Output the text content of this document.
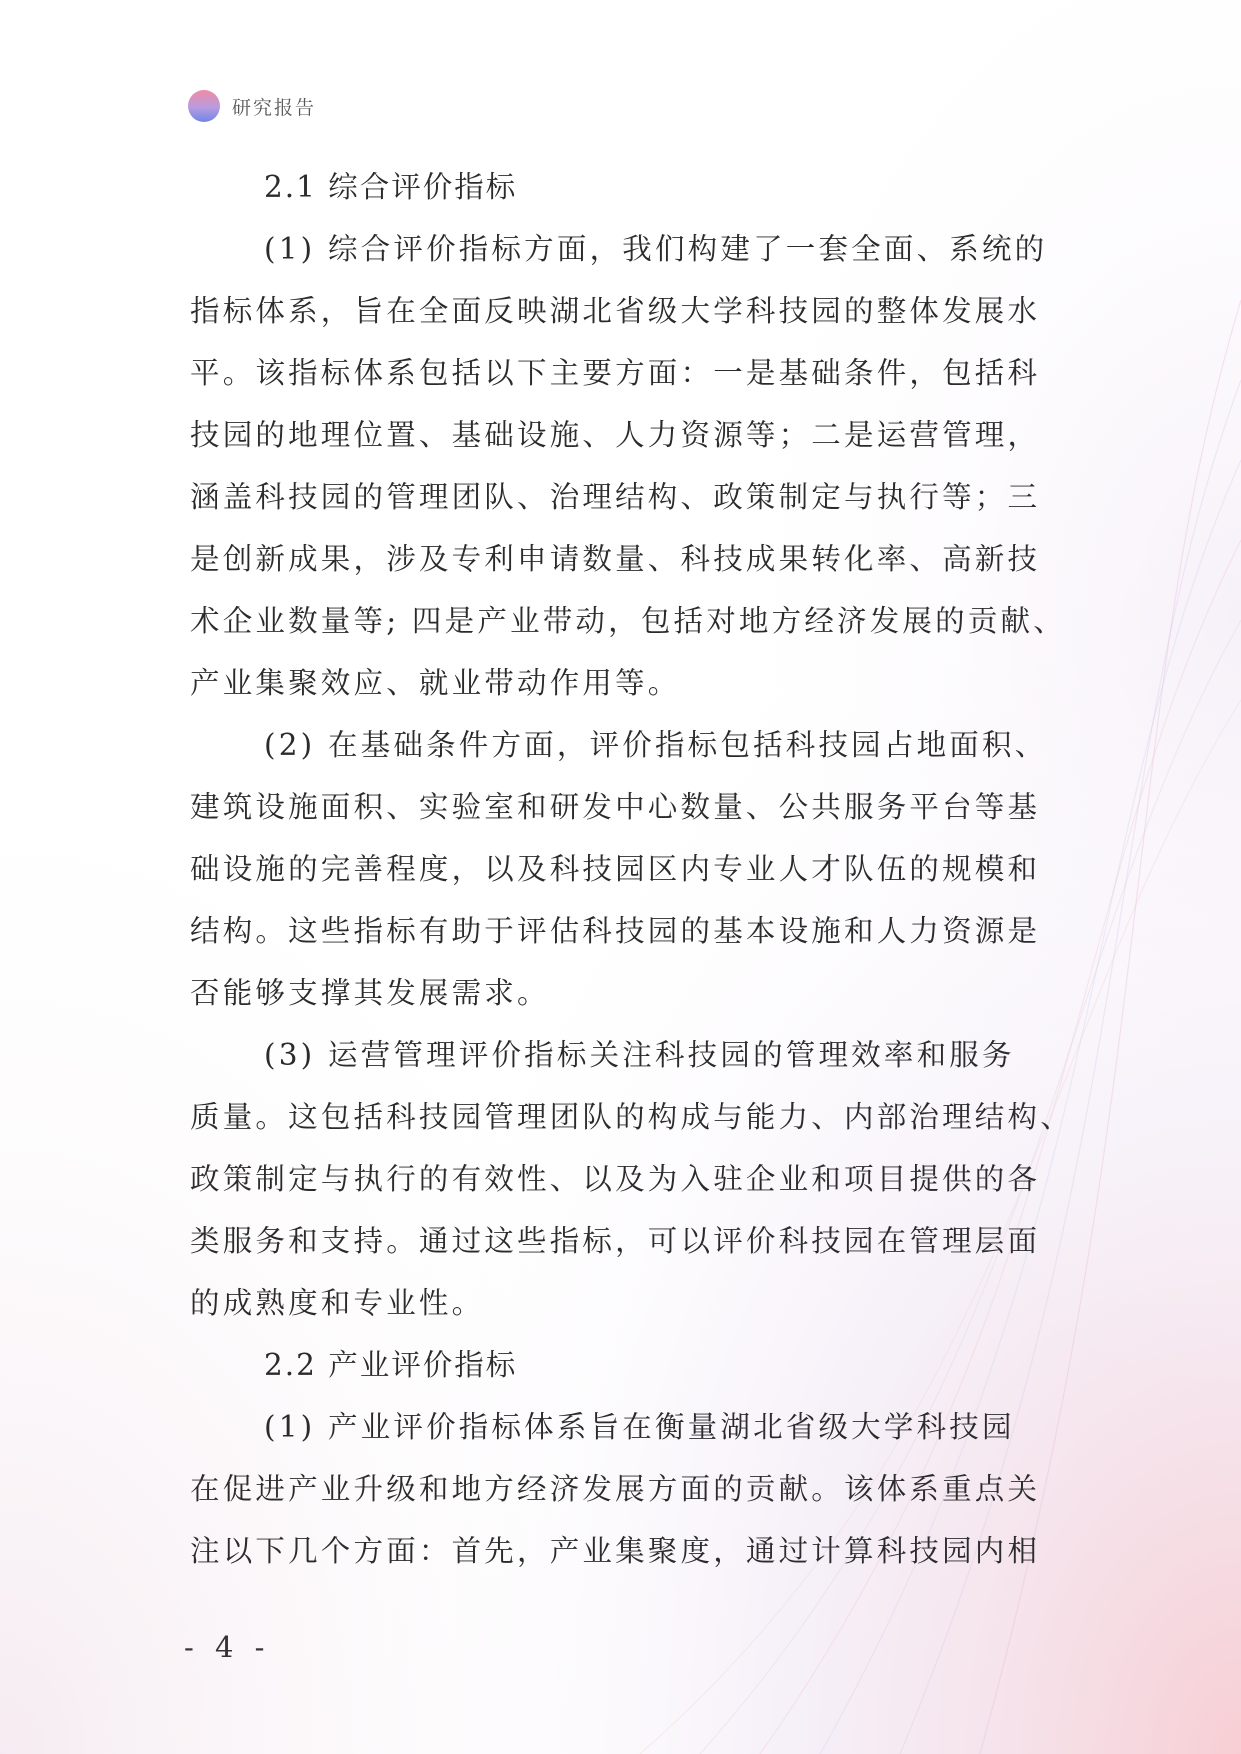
研究报告
2.1 综合评价指标
(1) 综合评价指标方面，我们构建了一套全面、系统的
指标体系，旨在全面反映湖北省级大学科技园的整体发展水
平。该指标体系包括以下主要方面：一是基础条件，包括科
技园的地理位置、基础设施、人力资源等；二是运营管理，
涵盖科技园的管理团队、治理结构、政策制定与执行等；三
是创新成果，涉及专利申请数量、科技成果转化率、高新技
术企业数量等; 四是产业带动，包括对地方经济发展的贡献、
产业集聚效应、就业带动作用等。
(2) 在基础条件方面，评价指标包括科技园占地面积、
建筑设施面积、实验室和研发中心数量、公共服务平台等基
础设施的完善程度，以及科技园区内专业人才队伍的规模和
结构。这些指标有助于评估科技园的基本设施和人力资源是
否能够支撑其发展需求。
(3) 运营管理评价指标关注科技园的管理效率和服务
质量。这包括科技园管理团队的构成与能力、内部治理结构、
政策制定与执行的有效性、以及为入驻企业和项目提供的各
类服务和支持。通过这些指标，可以评价科技园在管理层面
的成熟度和专业性。
2.2 产业评价指标
(1) 产业评价指标体系旨在衡量湖北省级大学科技园
在促进产业升级和地方经济发展方面的贡献。该体系重点关
注以下几个方面：首先，产业集聚度，通过计算科技园内相
- 4 -
